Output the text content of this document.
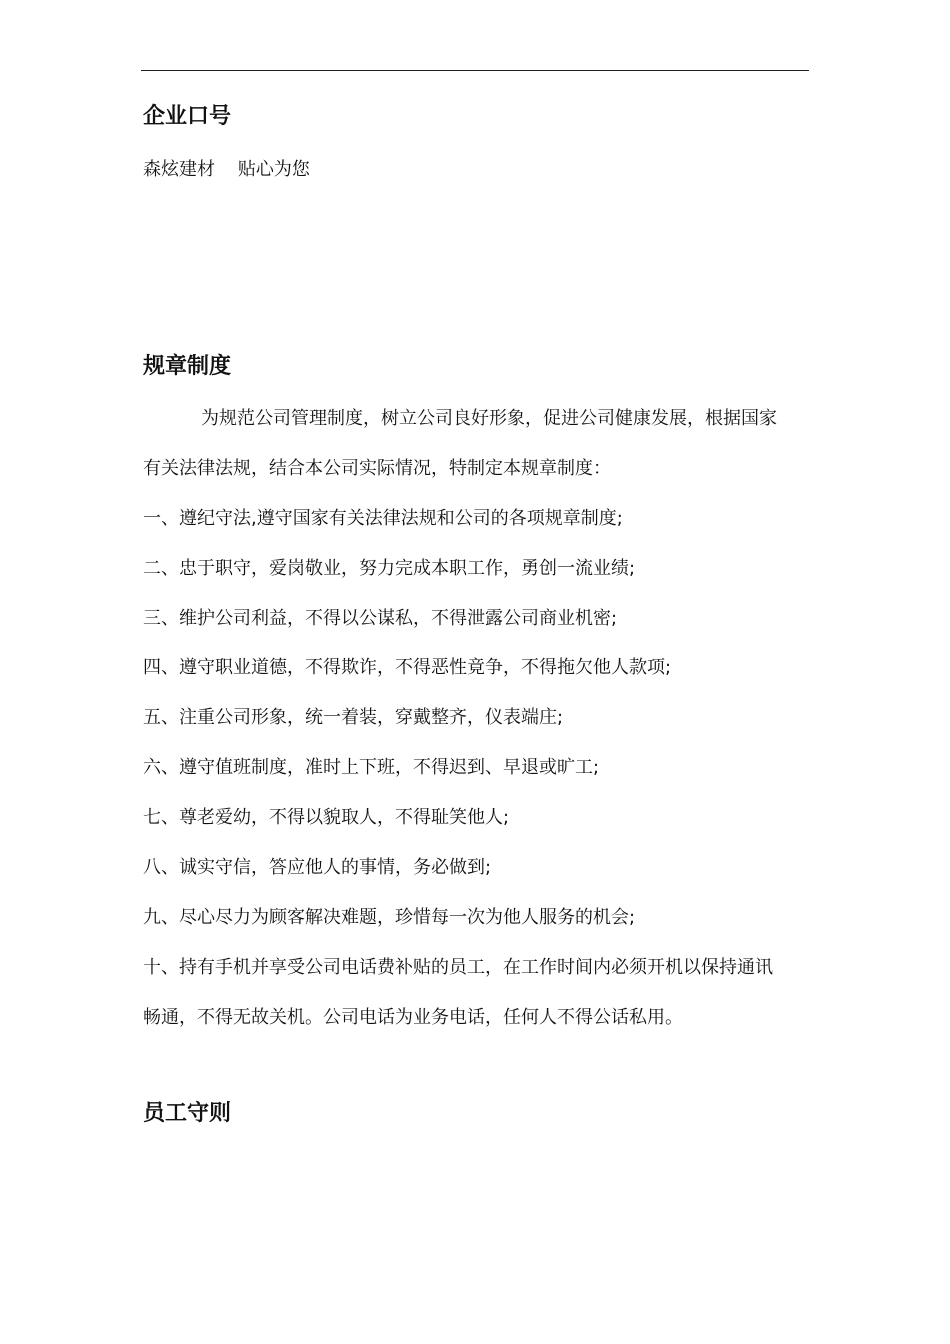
企业口号
森炫建材    贴心为您
规章制度
为规范公司管理制度，树立公司良好形象，促进公司健康发展，根据国家
有关法律法规，结合本公司实际情况，特制定本规章制度：
一、遵纪守法,遵守国家有关法律法规和公司的各项规章制度;
二、忠于职守，爱岗敬业，努力完成本职工作，勇创一流业绩;
三、维护公司利益，不得以公谋私，不得泄露公司商业机密;
四、遵守职业道德，不得欺诈，不得恶性竟争，不得拖欠他人款项;
五、注重公司形象，统一着装，穿戴整齐，仪表端庄;
六、遵守值班制度，准时上下班，不得迟到、早退或旷工;
七、尊老爱幼，不得以貌取人，不得耻笑他人;
八、诚实守信，答应他人的事情，务必做到;
九、尽心尽力为顾客解决难题，珍惜每一次为他人服务的机会;
十、持有手机并享受公司电话费补贴的员工，在工作时间内必须开机以保持通讯
畅通，不得无故关机。公司电话为业务电话，任何人不得公话私用。
员工守则
